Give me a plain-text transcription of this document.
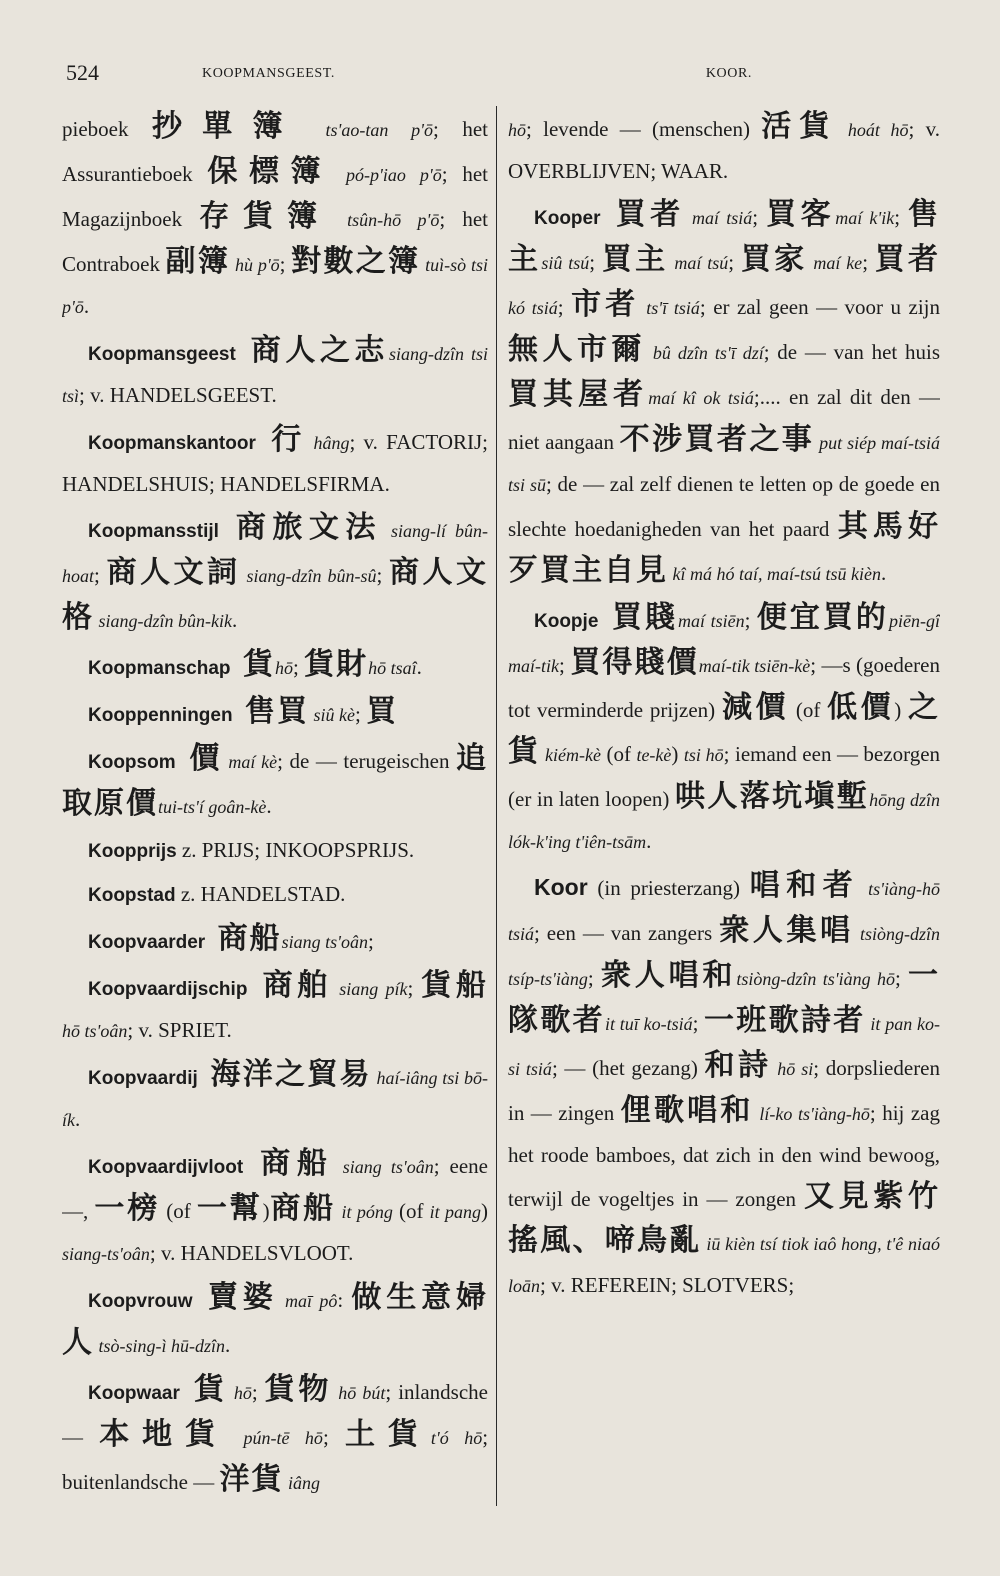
524	KOOPMANSGEEST.	KOOR.
pieboek 抄單簿 ts'ao-tan p'ō; het Assurantieboek 保標簿 pó-p'iao p'ō; het Magazijnboek 存貨簿 tsûn-hō p'ō; het Contraboek 副簿 hù p'ō; 對數之簿 tuì-sò tsi p'ō.
Koopmansgeest 商人之志siang-dzîn tsi tsì; v. HANDELSGEEST.
Koopmanskantoor 行 hâng; v. FACTORIJ; HANDELSHUIS; HANDELSFIRMA.
Koopmansstijl 商旅文法 siang-lí bûn-hoat; 商人文詞 siang-dzîn bûn-sû; 商人文格 siang-dzîn bûn-kik.
Koopmanschap 貨hō; 貨財hō tsaî.
Kooppenningen 售買 siû kè; 買
Koopsom 價 maí kè; de — terugeischen 追取原價tui-ts'í goân-kè.
Koopprijs z. PRIJS; INKOOPSPRIJS.
Koopstad z. HANDELSTAD.
Koopvaarder 商船siang ts'oân;
Koopvaardijschip 商舶 siang pík; 貨船 hō ts'oân; v. SPRIET.
Koopvaardij 海洋之貿易 haí-iâng tsi bō-ík.
Koopvaardijvloot 商船 siang ts'oân; eene —, 一榜 (of 一幫)商船 it póng (of it pang) siang-ts'oân; v. HANDELSVLOOT.
Koopvrouw 賣婆 maī pô: 做生意婦人 tsò-sing-ì hū-dzîn.
Koopwaar 貨 hō; 貨物 hō bút; inlandsche — 本地貨 pún-tē hō; 土貨t'ó hō; buitenlandsche — 洋貨 iâng
hō; levende — (menschen) 活貨 hoát hō; v. OVERBLIJVEN; WAAR.
Kooper 買者 maí tsiá; 買客maí k'ik; 售主siû tsú; 買主 maí tsú; 買家 maí ke; 買者 kó tsiá; 市者 ts'ī tsiá; er zal geen — voor u zijn 無人市爾 bû dzîn ts'ī dzí; de — van het huis 買其屋者maí kî ok tsiá;.... en zal dit den — niet aangaan 不涉買者之事 put siép maí-tsiá tsi sū; de — zal zelf dienen te letten op de goede en slechte hoedanigheden van het paard 其馬好歹買主自見 kî má hó taí, maí-tsú tsū kièn.
Koopje 買賤maí tsiēn; 便宜買的piēn-gî maí-tik; 買得賤價maí-tik tsiēn-kè; —s (goederen tot verminderde prijzen) 減價 (of 低價) 之貨 kiém-kè (of te-kè) tsi hō; iemand een — bezorgen (er in laten loopen) 哄人落坑塡塹hōng dzîn lók-k'ing t'iên-tsām.
Koor (in priesterzang) 唱和者 ts'iàng-hō tsiá; een — van zangers 衆人集唱 tsiòng-dzîn tsíp-ts'iàng; 衆人唱和tsiòng-dzîn ts'iàng hō; 一隊歌者it tuī ko-tsiá; 一班歌詩者 it pan ko-si tsiá; — (het gezang) 和詩 hō si; dorpsliederen in — zingen 俚歌唱和 lí-ko ts'iàng-hō; hij zag het roode bamboes, dat zich in den wind bewoog, terwijl de vogeltjes in — zongen 又見紫竹搖風、啼鳥亂 iū kièn tsí tiok iaô hong, t'ê niaó loān; v. REFEREIN; SLOTVERS;
